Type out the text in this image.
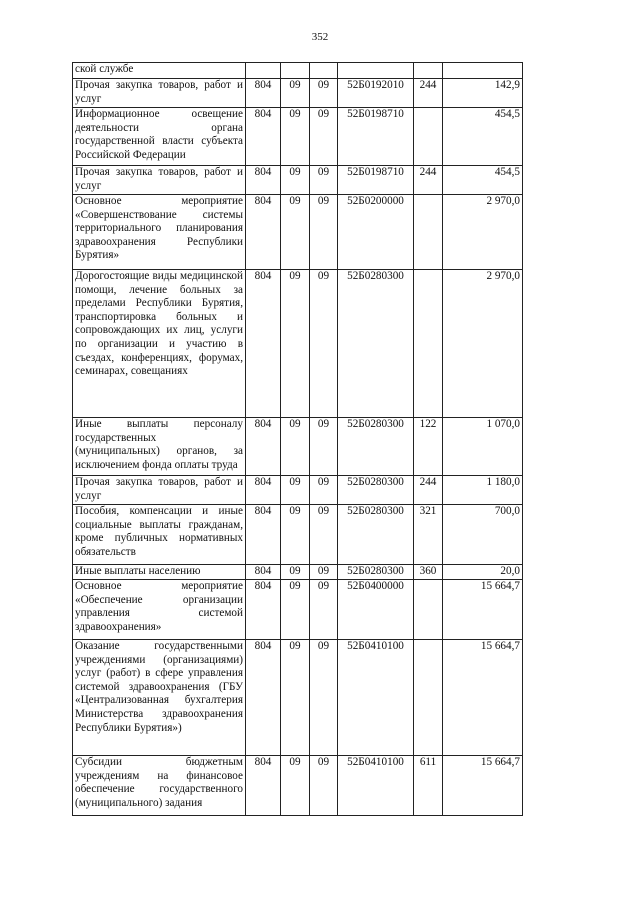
352
ской службе						
Прочая закупка товаров, работ и услуг	804	09	09	52Б0192010	244	142,9
Информационное освещение деятельности органа государственной власти субъекта Российской Федерации	804	09	09	52Б0198710		454,5
Прочая закупка товаров, работ и услуг	804	09	09	52Б0198710	244	454,5
Основное мероприятие «Совершенствование системы территориального планирования здравоохранения Республики Бурятия»	804	09	09	52Б0200000		2 970,0
Дорогостоящие виды медицинской помощи, лечение больных за пределами Республики Бурятия, транспортировка больных и сопровождающих их лиц, услуги по организации и участию в съездах, конференциях, форумах, семинарах, совещаниях	804	09	09	52Б0280300		2 970,0
Иные выплаты персоналу государственных (муниципальных) органов, за исключением фонда оплаты труда	804	09	09	52Б0280300	122	1 070,0
Прочая закупка товаров, работ и услуг	804	09	09	52Б0280300	244	1 180,0
Пособия, компенсации и иные социальные выплаты гражданам, кроме публичных нормативных обязательств	804	09	09	52Б0280300	321	700,0
Иные выплаты населению	804	09	09	52Б0280300	360	20,0
Основное мероприятие «Обеспечение организации управления системой здравоохранения»	804	09	09	52Б0400000		15 664,7
Оказание государственными учреждениями (организациями) услуг (работ) в сфере управления системой здравоохранения (ГБУ «Централизованная бухгалтерия Министерства здравоохранения Республики Бурятия»)	804	09	09	52Б0410100		15 664,7
Субсидии бюджетным учреждениям на финансовое обеспечение государственного (муниципального) задания	804	09	09	52Б0410100	611	15 664,7
